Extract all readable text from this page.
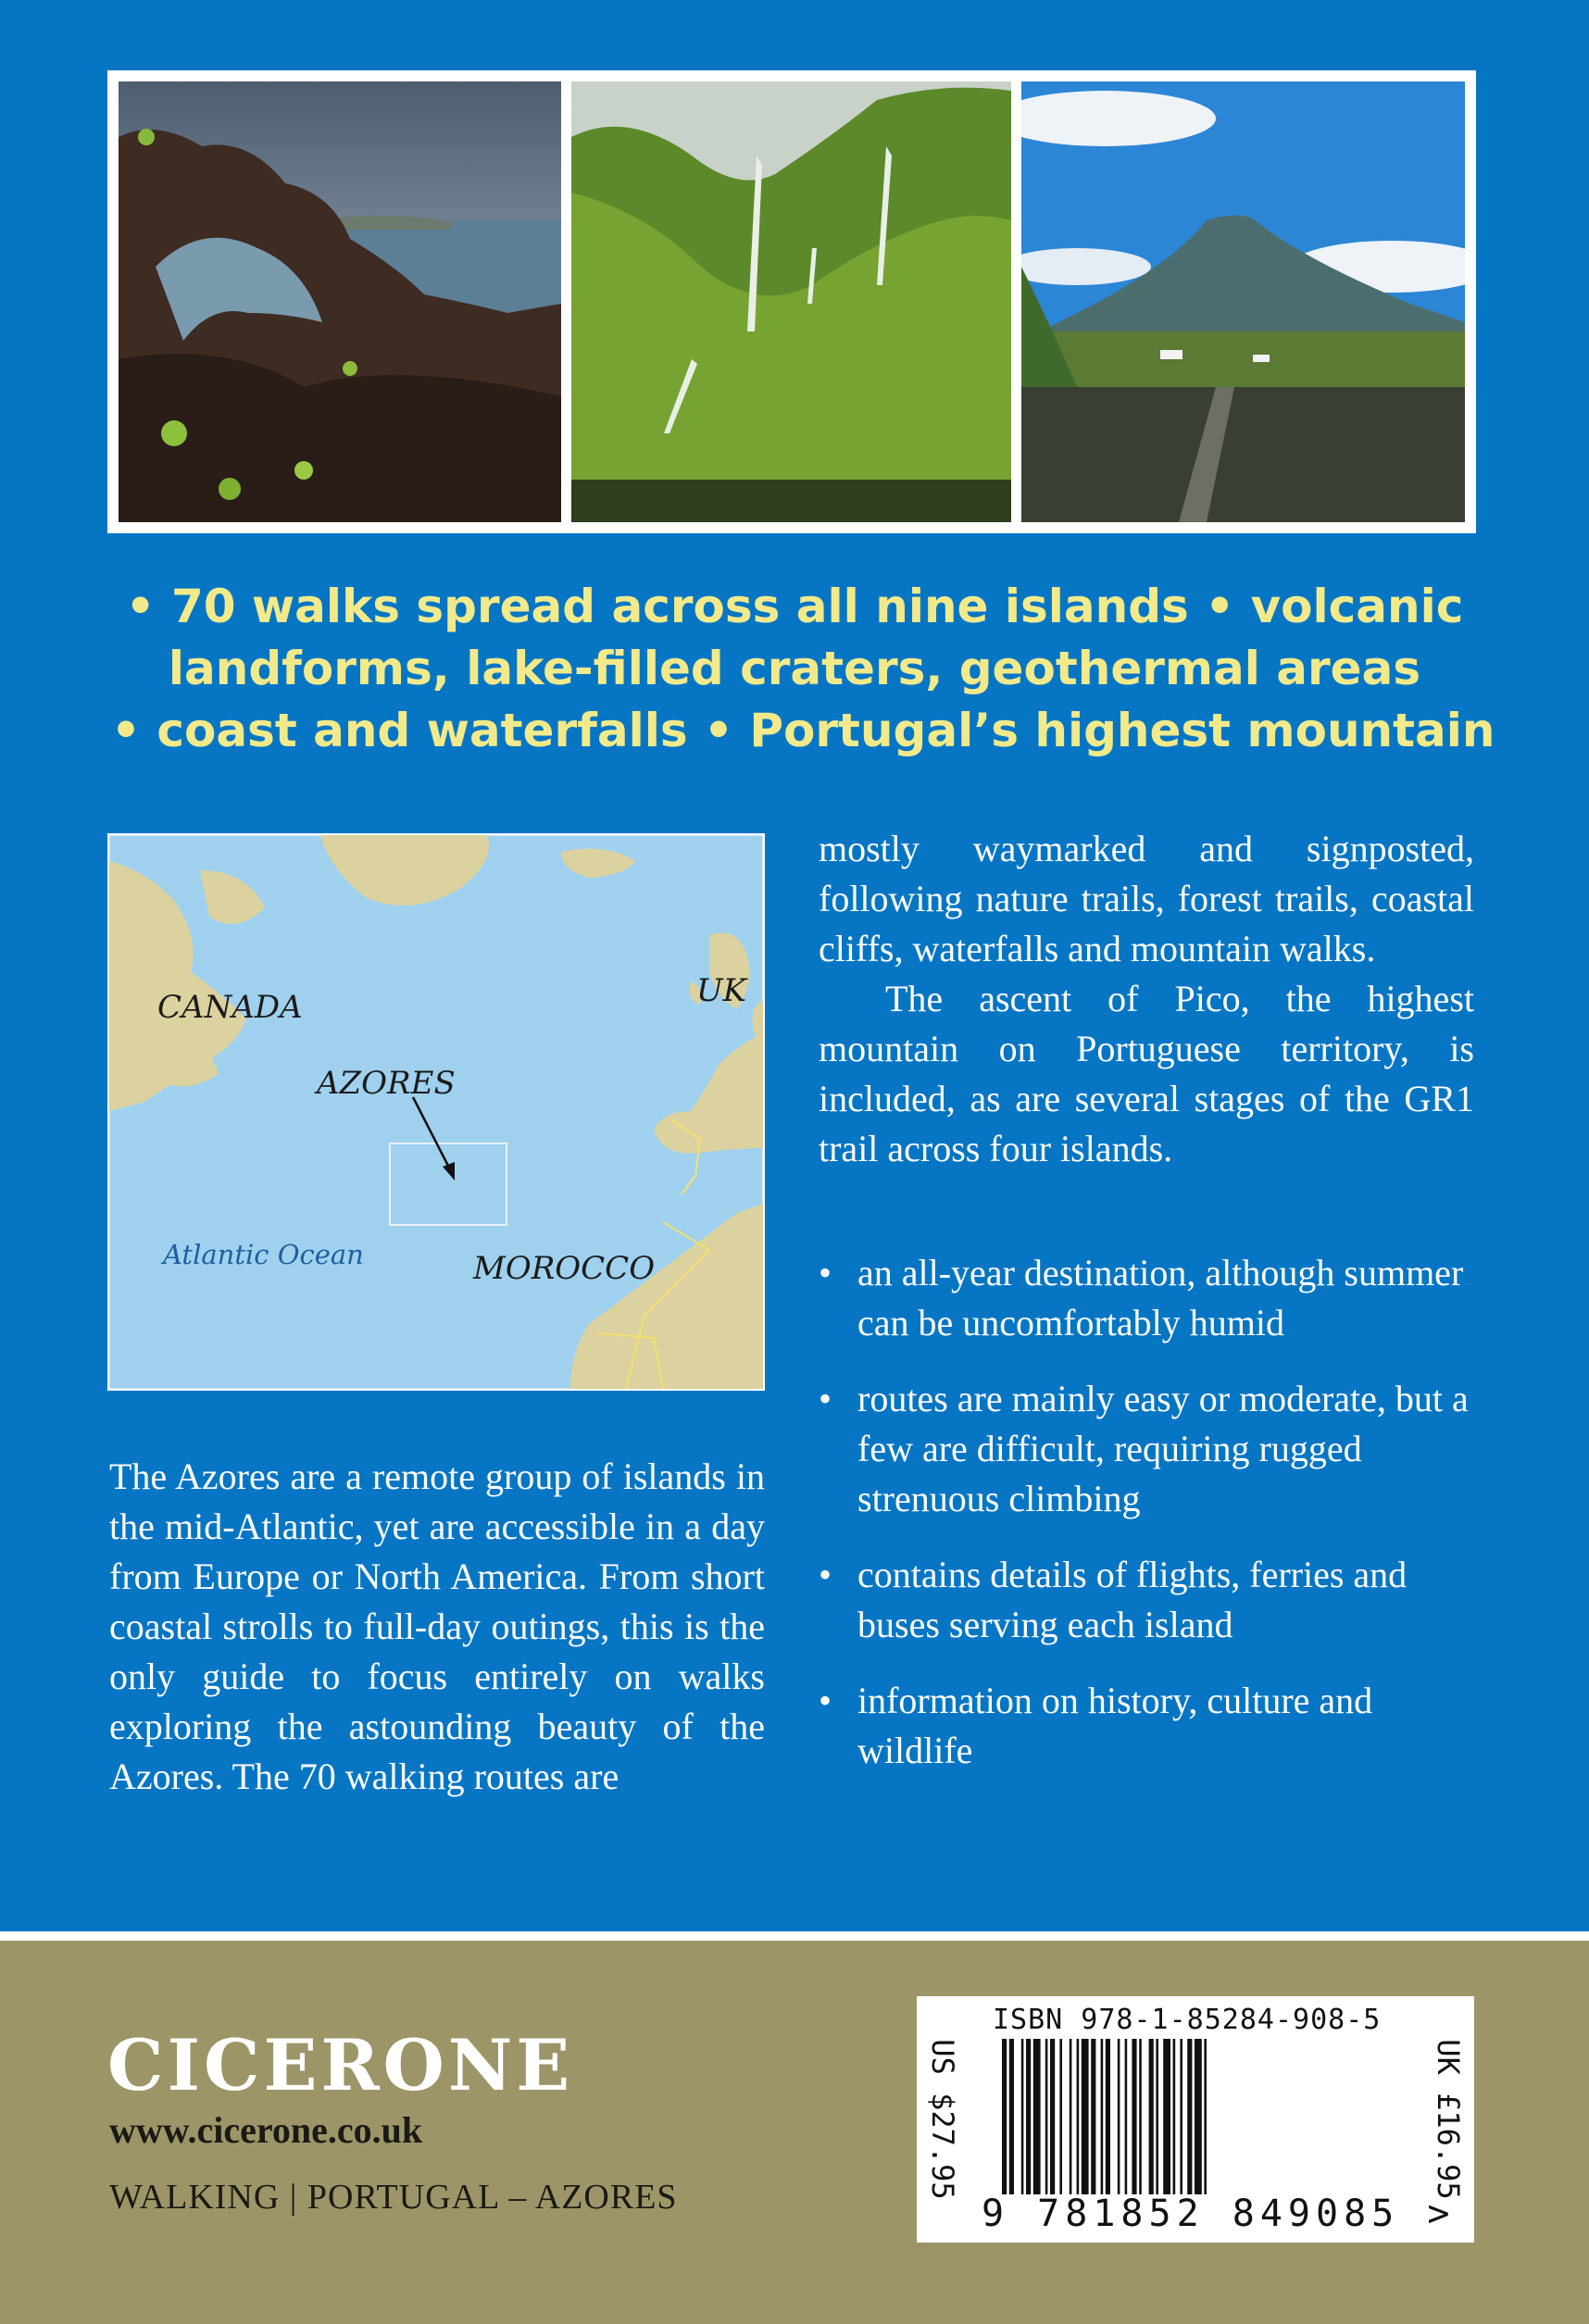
• 70 walks spread across all nine islands • volcanic
landforms, lake-filled craters, geothermal areas
• coast and waterfalls • Portugal’s highest mountain
CANADA
AZORES
UK
MOROCCO
Atlantic Ocean
The Azores are a remote group of islands in the mid-Atlantic, yet are accessible in a day from Europe or North America. From short coastal strolls to full-day outings, this is the only guide to focus entirely on walks exploring the astounding beauty of the Azores. The 70 walking routes are

mostly waymarked and signposted, following nature trails, forest trails, coastal cliffs, waterfalls and mountain walks.

The ascent of Pico, the highest mountain on Portuguese territory, is included, as are several stages of the GR1 trail across four islands.

• an all-year destination, although summer can be uncomfortably humid
• routes are mainly easy or moderate, but a few are difficult, requiring rugged strenuous climbing
• contains details of flights, ferries and buses serving each island
• information on history, culture and wildlife
CICERONE
www.cicerone.co.uk
WALKING | PORTUGAL – AZORES	US $27.95
ISBN 978-1-85284-908-5
9 781852 849085 >
UK £16.95
